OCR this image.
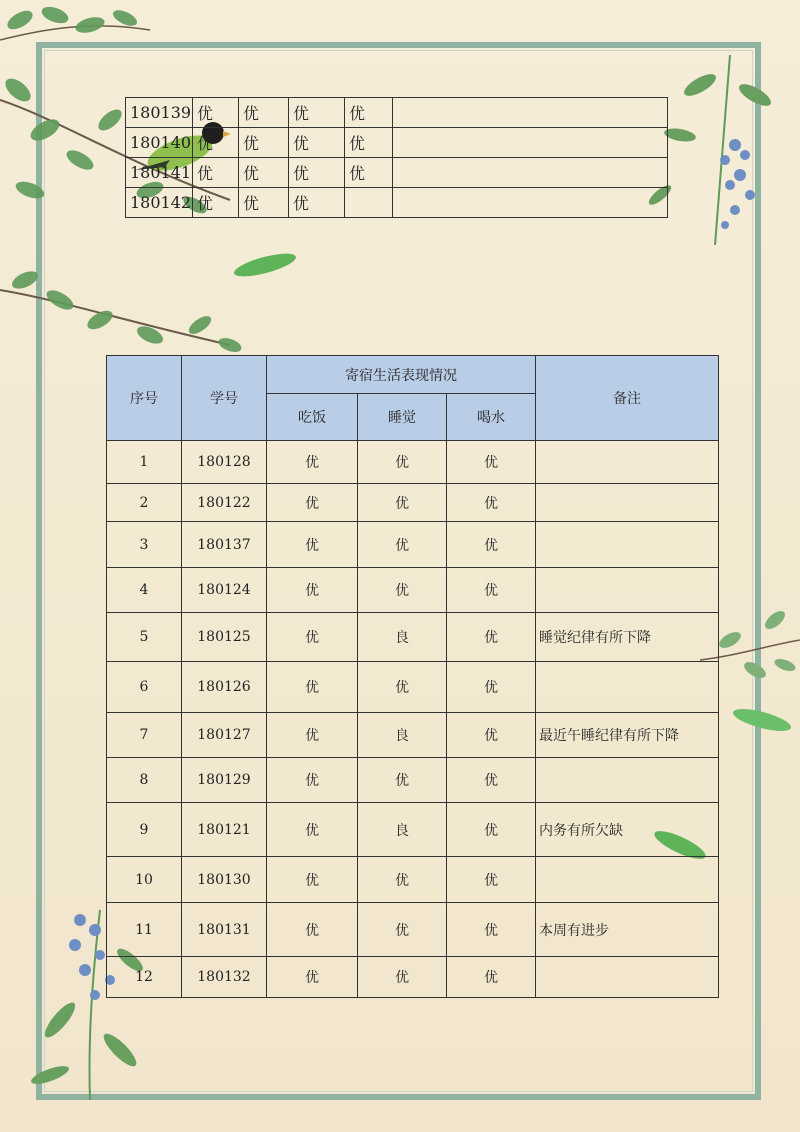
180139	优	优	优	优	
180140	优	优	优	优	
180141	优	优	优	优	
180142	优	优	优		
序号	学号	寄宿生活表现情况			备注
		吃饭	睡觉	喝水	
1	180128	优	优	优	
2	180122	优	优	优	
3	180137	优	优	优	
4	180124	优	优	优	
5	180125	优	良	优	睡觉纪律有所下降
6	180126	优	优	优	
7	180127	优	良	优	最近午睡纪律有所下降
8	180129	优	优	优	
9	180121	优	良	优	内务有所欠缺
10	180130	优	优	优	
11	180131	优	优	优	本周有进步
12	180132	优	优	优	
